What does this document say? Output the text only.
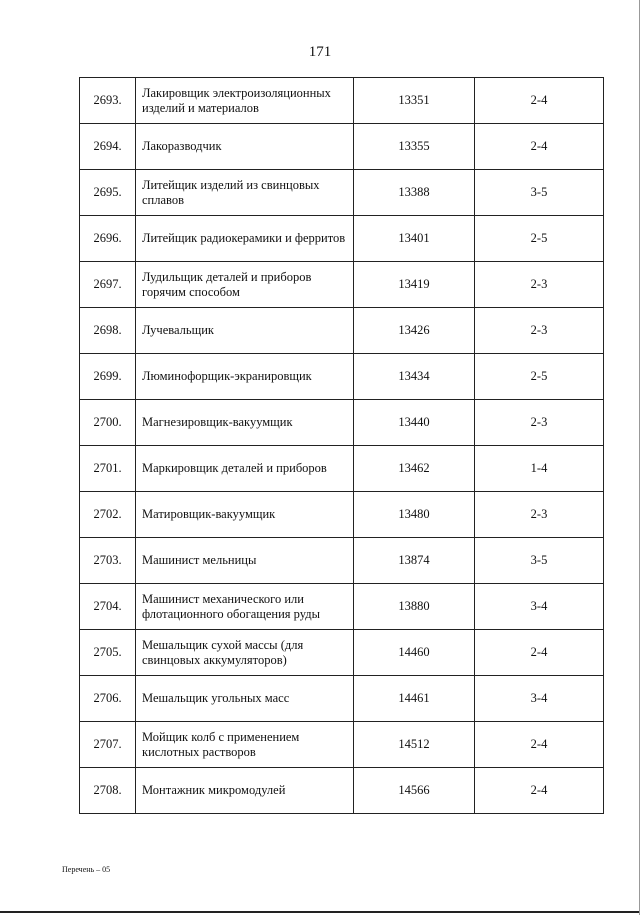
171
2693.	Лакировщик электроизоляционных изделий и материалов	13351	2-4
2694.	Лакоразводчик	13355	2-4
2695.	Литейщик изделий из свинцовых сплавов	13388	3-5
2696.	Литейщик радиокерамики и ферритов	13401	2-5
2697.	Лудильщик деталей и приборов горячим способом	13419	2-3
2698.	Лучевальщик	13426	2-3
2699.	Люминофорщик-экранировщик	13434	2-5
2700.	Магнезировщик-вакуумщик	13440	2-3
2701.	Маркировщик деталей и приборов	13462	1-4
2702.	Матировщик-вакуумщик	13480	2-3
2703.	Машинист мельницы	13874	3-5
2704.	Машинист механического или флотационного обогащения руды	13880	3-4
2705.	Мешальщик сухой массы (для свинцовых аккумуляторов)	14460	2-4
2706.	Мешальщик угольных масс	14461	3-4
2707.	Мойщик колб с применением кислотных растворов	14512	2-4
2708.	Монтажник микромодулей	14566	2-4
Перечень – 05
